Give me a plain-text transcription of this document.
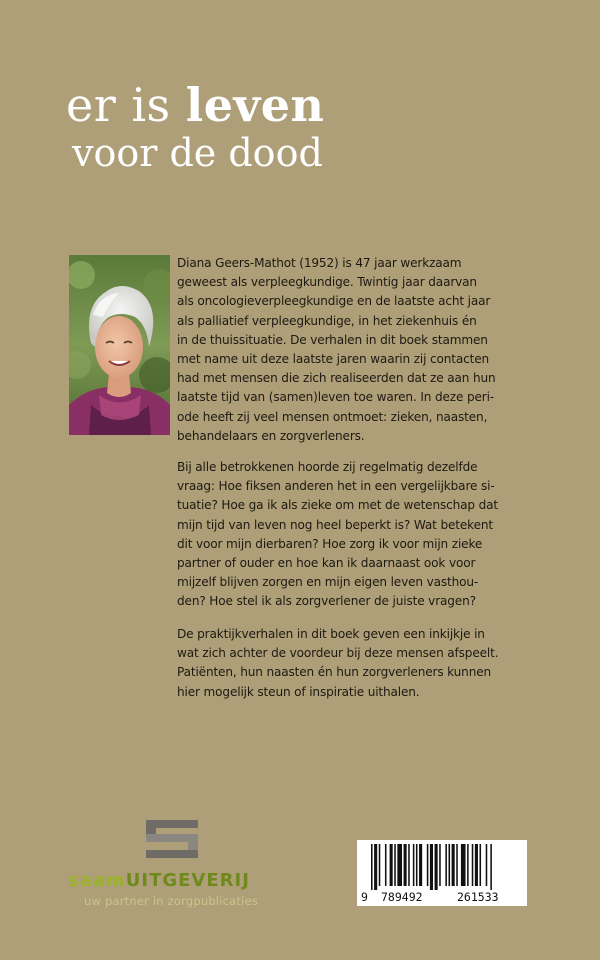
er is leven
voor de dood
Diana Geers-Mathot (1952) is 47 jaar werkzaam
geweest als verpleegkundige. Twintig jaar daarvan
als oncologieverpleegkundige en de laatste acht jaar
als palliatief verpleegkundige, in het ziekenhuis én
in de thuissituatie. De verhalen in dit boek stammen
met name uit deze laatste jaren waarin zij contacten
had met mensen die zich realiseerden dat ze aan hun
laatste tijd van (samen)leven toe waren. In deze peri-
ode heeft zij veel mensen ontmoet: zieken, naasten,
behandelaars en zorgverleners.
Bij alle betrokkenen hoorde zij regelmatig dezelfde
vraag: Hoe fiksen anderen het in een vergelijkbare si-
tuatie? Hoe ga ik als zieke om met de wetenschap dat
mijn tijd van leven nog heel beperkt is? Wat betekent
dit voor mijn dierbaren? Hoe zorg ik voor mijn zieke
partner of ouder en hoe kan ik daarnaast ook voor
mijzelf blijven zorgen en mijn eigen leven vasthou-
den? Hoe stel ik als zorgverlener de juiste vragen?
De praktijkverhalen in dit boek geven een inkijkje in
wat zich achter de voordeur bij deze mensen afspeelt.
Patiënten, hun naasten én hun zorgverleners kunnen
hier mogelijk steun of inspiratie uithalen.
saamUITGEVERIJ
uw partner in zorgpublicaties	9 789492	261533
